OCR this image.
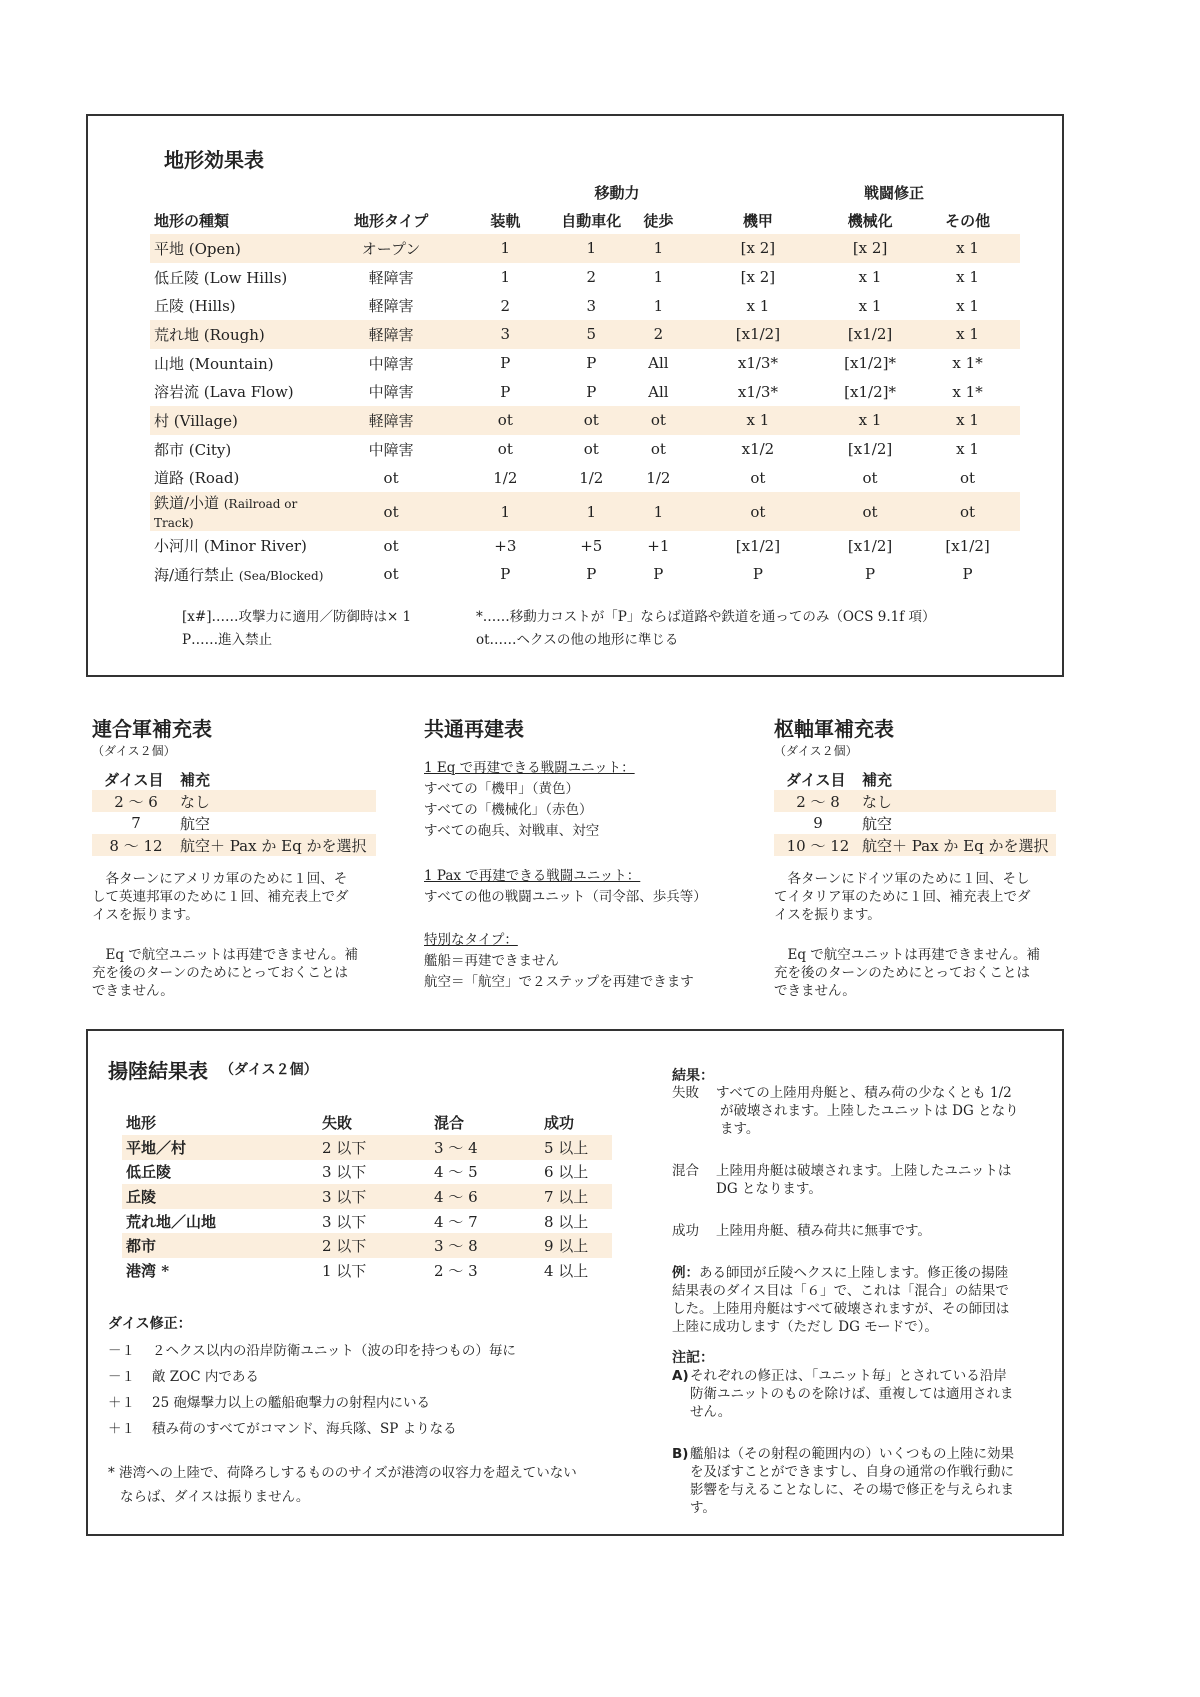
地形効果表
移動力	戦闘修正
地形の種類	地形タイプ	装軌	自動車化	徒歩	機甲	機械化	その他
平地 (Open)	オープン	1	1	1	[x 2]	[x 2]	x 1
低丘陵 (Low Hills)	軽障害	1	2	1	[x 2]	x 1	x 1
丘陵 (Hills)	軽障害	2	3	1	x 1	x 1	x 1
荒れ地 (Rough)	軽障害	3	5	2	[x1/2]	[x1/2]	x 1
山地 (Mountain)	中障害	P	P	All	x1/3*	[x1/2]*	x 1*
溶岩流 (Lava Flow)	中障害	P	P	All	x1/3*	[x1/2]*	x 1*
村 (Village)	軽障害	ot	ot	ot	x 1	x 1	x 1
都市 (City)	中障害	ot	ot	ot	x1/2	[x1/2]	x 1
道路 (Road)	ot	1/2	1/2	1/2	ot	ot	ot
鉄道/小道 (Railroad or Track)	ot	1	1	1	ot	ot	ot
小河川 (Minor River)	ot	+3	+5	+1	[x1/2]	[x1/2]	[x1/2]
海/通行禁止 (Sea/Blocked)	ot	P	P	P	P	P	P
[x#]……攻撃力に適用／防御時は× 1
P……進入禁止
*……移動力コストが「P」ならば道路や鉄道を通ってのみ（OCS 9.1f 項）
ot……ヘクスの他の地形に準じる
連合軍補充表
（ダイス２個）
ダイス目	補充
2 〜 6	なし
7	航空
8 〜 12	航空＋ Pax か Eq かを選択
各ターンにアメリカ軍のために１回、そ
して英連邦軍のために１回、補充表上でダ
イスを振ります。
Eq で航空ユニットは再建できません。補
充を後のターンのためにとっておくことは
できません。
共通再建表
1 Eq で再建できる戦闘ユニット：
すべての「機甲」（黄色）
すべての「機械化」（赤色）
すべての砲兵、対戦車、対空
1 Pax で再建できる戦闘ユニット：
すべての他の戦闘ユニット（司令部、歩兵等）
特別なタイプ：
艦船＝再建できません
航空＝「航空」で２ステップを再建できます
枢軸軍補充表
（ダイス２個）
ダイス目	補充
2 〜 8	なし
9	航空
10 〜 12	航空＋ Pax か Eq かを選択
各ターンにドイツ軍のために１回、そし
てイタリア軍のために１回、補充表上でダ
イスを振ります。
Eq で航空ユニットは再建できません。補
充を後のターンのためにとっておくことは
できません。
揚陸結果表 （ダイス２個）
地形	失敗	混合	成功
平地／村	2 以下	3 〜 4	5 以上
低丘陵	3 以下	4 〜 5	6 以上
丘陵	3 以下	4 〜 6	7 以上
荒れ地／山地	3 以下	4 〜 7	8 以上
都市	2 以下	3 〜 8	9 以上
港湾 *	1 以下	2 〜 3	4 以上
ダイス修正：
－１ ２ヘクス以内の沿岸防衛ユニット（波の印を持つもの）毎に
－１ 敵 ZOC 内である
＋１ 25 砲爆撃力以上の艦船砲撃力の射程内にいる
＋１ 積み荷のすべてがコマンド、海兵隊、SP よりなる
* 港湾への上陸で、荷降ろしするもののサイズが港湾の収容力を超えていない
ならば、ダイスは振りません。
結果：
失敗 すべての上陸用舟艇と、積み荷の少なくとも 1/2
が破壊されます。上陸したユニットは DG となり
ます。
混合 上陸用舟艇は破壊されます。上陸したユニットは
DG となります。
成功 上陸用舟艇、積み荷共に無事です。
例：ある師団が丘陵ヘクスに上陸します。修正後の揚陸
結果表のダイス目は「６」で、これは「混合」の結果で
した。上陸用舟艇はすべて破壊されますが、その師団は
上陸に成功します（ただし DG モードで）。
注記：
A) それぞれの修正は、「ユニット毎」とされている沿岸
防衛ユニットのものを除けば、重複しては適用されま
せん。
B) 艦船は（その射程の範囲内の）いくつもの上陸に効果
を及ぼすことができますし、自身の通常の作戦行動に
影響を与えることなしに、その場で修正を与えられま
す。
